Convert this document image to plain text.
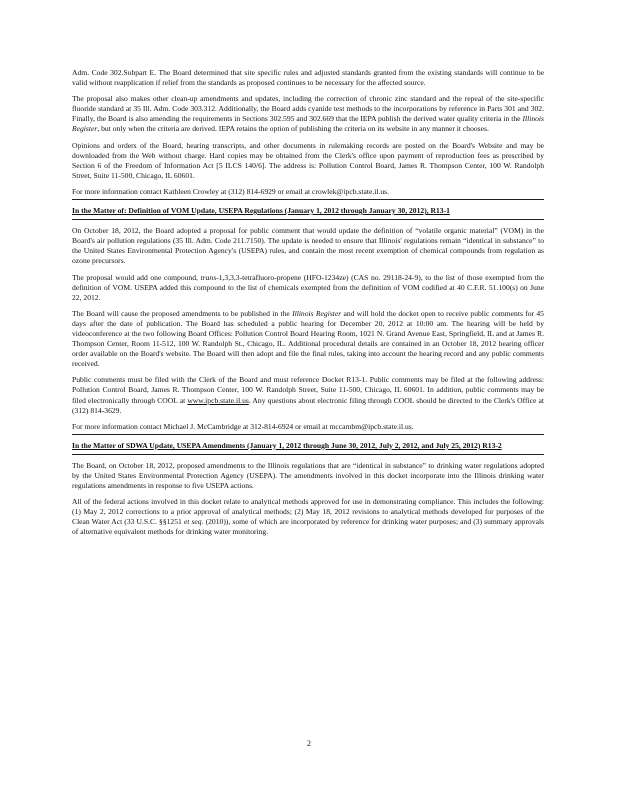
Adm. Code 302.Subpart E. The Board determined that site specific rules and adjusted standards granted from the existing standards will continue to be valid without reapplication if relief from the standards as proposed continues to be necessary for the affected source.

The proposal also makes other clean-up amendments and updates, including the correction of chronic zinc standard and the repeal of the site-specific fluoride standard at 35 Ill. Adm. Code 303.312. Additionally, the Board adds cyanide test methods to the incorporations by reference in Parts 301 and 302. Finally, the Board is also amending the requirements in Sections 302.595 and 302.669 that the IEPA publish the derived water quality criteria in the Illinois Register, but only when the criteria are derived. IEPA retains the option of publishing the criteria on its website in any manner it chooses.

Opinions and orders of the Board, hearing transcripts, and other documents in rulemaking records are posted on the Board's Website and may be downloaded from the Web without charge. Hard copies may be obtained from the Clerk's office upon payment of reproduction fees as prescribed by Section 6 of the Freedom of Information Act [5 ILCS 140/6]. The address is: Pollution Control Board, James R. Thompson Center, 100 W. Randolph Street, Suite 11-500, Chicago, IL 60601.

For more information contact Kathleen Crowley at (312) 814-6929 or email at crowlek@ipcb.state.il.us.

In the Matter of: Definition of VOM Update, USEPA Regulations (January 1, 2012 through January 30, 2012), R13-1

On October 18, 2012, the Board adopted a proposal for public comment that would update the definition of “volatile organic material” (VOM) in the Board's air pollution regulations (35 Ill. Adm. Code 211.7150). The update is needed to ensure that Illinois' regulations remain “identical in substance” to the United States Environmental Protection Agency's (USEPA) rules, and contain the most recent exemption of chemical compounds from regulation as ozone precursors.

The proposal would add one compound, trans-1,3,3,3-tetrafluoro-propene (HFO-1234ze) (CAS no. 29118-24-9), to the list of those exempted from the definition of VOM. USEPA added this compound to the list of chemicals exempted from the definition of VOM codified at 40 C.F.R. 51.100(s) on June 22, 2012.

The Board will cause the proposed amendments to be published in the Illinois Register and will hold the docket open to receive public comments for 45 days after the date of publication. The Board has scheduled a public hearing for December 20, 2012 at 10:00 am. The hearing will be held by videoconference at the two following Board Offices: Pollution Control Board Hearing Room, 1021 N. Grand Avenue East, Springfield, IL and at James R. Thompson Center, Room 11-512, 100 W. Randolph St., Chicago, IL. Additional procedural details are contained in an October 18, 2012 hearing officer order available on the Board's website. The Board will then adopt and file the final rules, taking into account the hearing record and any public comments received.

Public comments must be filed with the Clerk of the Board and must reference Docket R13-1. Public comments may be filed at the following address: Pollution Control Board, James R. Thompson Center, 100 W. Randolph Street, Suite 11-500, Chicago, IL 60601. In addition, public comments may be filed electronically through COOL at www.ipcb.state.il.us. Any questions about electronic filing through COOL should be directed to the Clerk's Office at (312) 814-3629.

For more information contact Michael J. McCambridge at 312-814-6924 or email at mccambm@ipcb.state.il.us.

In the Matter of SDWA Update, USEPA Amendments (January 1, 2012 through June 30, 2012, July 2, 2012, and July 25, 2012) R13-2

The Board, on October 18, 2012, proposed amendments to the Illinois regulations that are “identical in substance” to drinking water regulations adopted by the United States Environmental Protection Agency (USEPA). The amendments involved in this docket incorporate into the Illinois drinking water regulations amendments in response to five USEPA actions.

All of the federal actions involved in this docket relate to analytical methods approved for use in demonstrating compliance. This includes the following: (1) May 2, 2012 corrections to a prior approval of analytical methods; (2) May 18, 2012 revisions to analytical methods developed for purposes of the Clean Water Act (33 U.S.C. §§1251 et seq. (2010)), some of which are incorporated by reference for drinking water purposes; and (3) summary approvals of alternative equivalent methods for drinking water monitoring.

2
